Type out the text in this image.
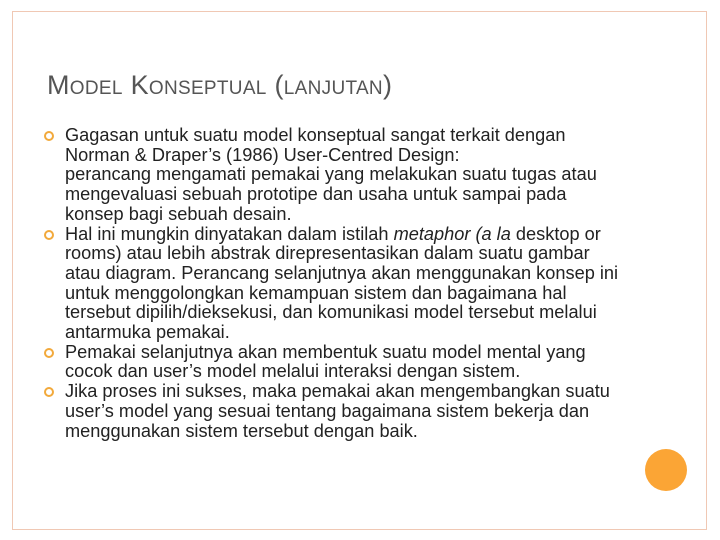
MODEL KONSEPTUAL (LANJUTAN)
Gagasan untuk suatu model konseptual sangat terkait dengan
Norman & Draper’s (1986) User-Centred Design:
perancang mengamati pemakai yang melakukan suatu tugas atau
mengevaluasi sebuah prototipe dan usaha untuk sampai pada
konsep bagi sebuah desain.
Hal ini mungkin dinyatakan dalam istilah metaphor (a la desktop or
rooms) atau lebih abstrak direpresentasikan dalam suatu gambar
atau diagram. Perancang selanjutnya akan menggunakan konsep ini
untuk menggolongkan kemampuan sistem dan bagaimana hal
tersebut dipilih/dieksekusi, dan komunikasi model tersebut melalui
antarmuka pemakai.
Pemakai selanjutnya akan membentuk suatu model mental yang
cocok dan user’s model melalui interaksi dengan sistem.
Jika proses ini sukses, maka pemakai akan mengembangkan suatu
user’s model yang sesuai tentang bagaimana sistem bekerja dan
menggunakan sistem tersebut dengan baik.
